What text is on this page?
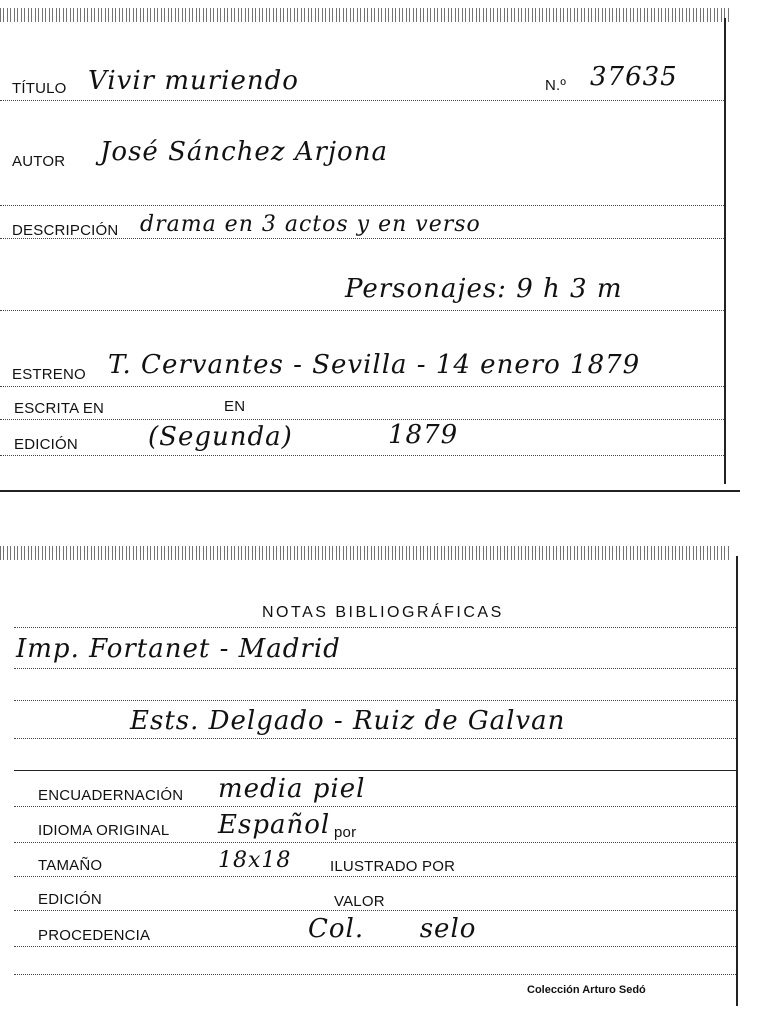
TÍTULO Vivir muriendo	N.º 37635
AUTOR José Sánchez Arjona
DESCRIPCIÓN drama en 3 actos y en verso
Personajes: 9 h 3 m
ESTRENO T. Cervantes - Sevilla - 14 enero 1879
ESCRITA EN	EN
EDICIÓN	(Segunda)	1879
NOTAS BIBLIOGRÁFICAS
Imp. Fortanet - Madrid
Ests. Delgado - Ruiz de Galvan
ENCUADERNACIÓN media piel
IDIOMA ORIGINAL Español por
TAMAÑO	18x18	ILUSTRADO POR
EDICIÓN	VALOR
PROCEDENCIA	Col.      selo
Colección Arturo Sedó
